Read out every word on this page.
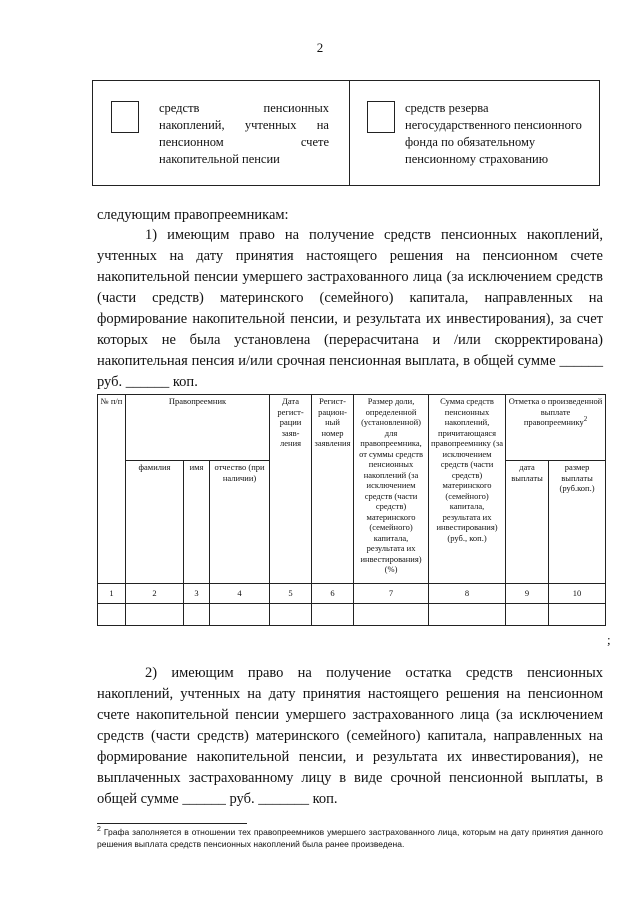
2
средств пенсионных накоплений, учтенных на пенсионном счете накопительной пенсии
средств резерва негосударственного пенсионного фонда по обязательному пенсионному страхованию
следующим правопреемникам:
1) имеющим право на получение средств пенсионных накоплений, учтенных на дату принятия настоящего решения на пенсионном счете накопительной пенсии умершего застрахованного лица (за исключением средств (части средств) материнского (семейного) капитала, направленных на формирование накопительной пенсии, и результата их инвестирования), за счет которых не была установлена (перерасчитана и /или скорректирована) накопительная пенсия и/или срочная пенсионная выплата, в общей сумме ______ руб. ______ коп.
№ п/п	Правопреемник			Дата регист-рации заяв-ления	Регист-рацион-ный номер заявления	Размер доли, определенной (установленной) для правопреемника, от суммы средств пенсионных накоплений (за исключением средств (части средств) материнского (семейного) капитала, результата их инвестирования) (%)	Сумма средств пенсионных накоплений, причитающаяся правопреемнику (за исключением средств (части средств) материнского (семейного) капитала, результата их инвестирования) (руб., коп.)	Отметка о произведенной выплате правопреемнику$^2$
	фамилия	имя	отчество (при наличии)					дата выплаты	размер выплаты (руб.коп.)
1	2	3	4	5	6	7	8	9	10

;
2) имеющим право на получение остатка средств пенсионных накоплений, учтенных на дату принятия настоящего решения на пенсионном счете накопительной пенсии умершего застрахованного лица (за исключением средств (части средств) материнского (семейного) капитала, направленных на формирование накопительной пенсии, и результата их инвестирования), не выплаченных застрахованному лицу в виде срочной пенсионной выплаты, в общей сумме ______ руб. _______ коп.
$^2$ Графа заполняется в отношении тех правопреемников умершего застрахованного лица, которым на дату принятия данного решения выплата средств пенсионных накоплений была ранее произведена.
